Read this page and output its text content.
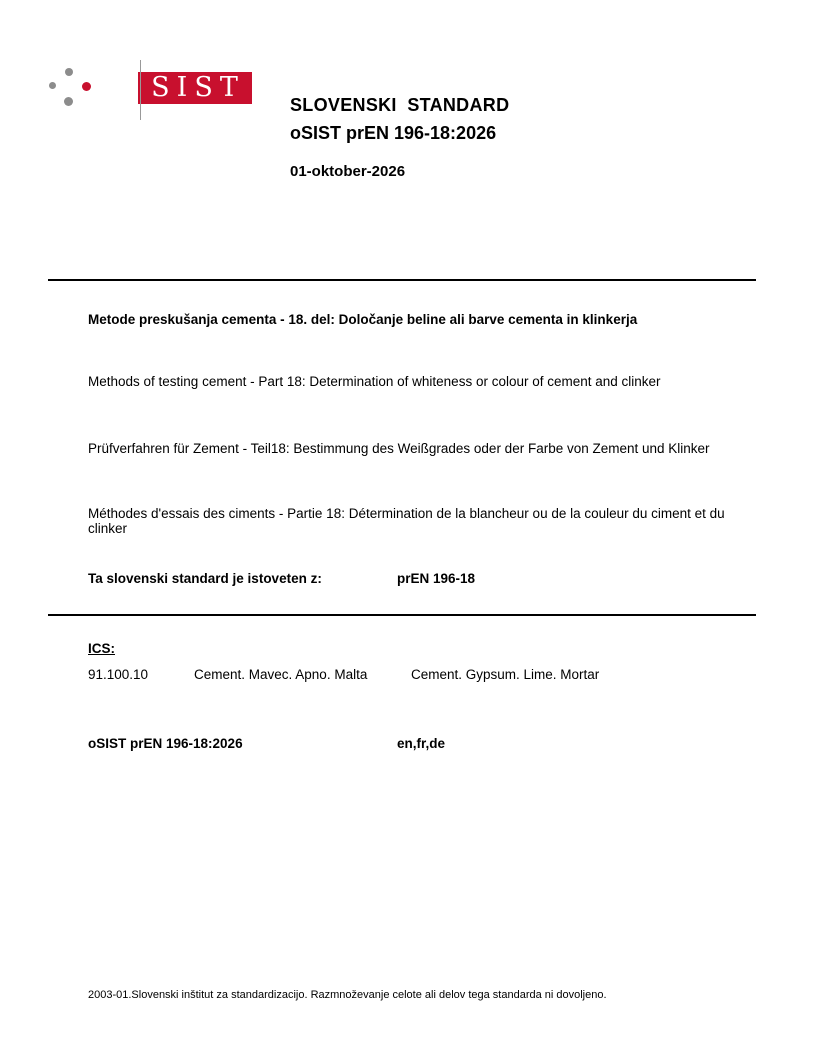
SIST
SLOVENSKI  STANDARD
oSIST prEN 196-18:2026
01-oktober-2026
Metode preskušanja cementa - 18. del: Določanje beline ali barve cementa in klinkerja
Methods of testing cement - Part 18: Determination of whiteness or colour of cement and clinker
Prüfverfahren für Zement - Teil18: Bestimmung des Weißgrades oder der Farbe von Zement und Klinker
Méthodes d'essais des ciments - Partie 18: Détermination de la blancheur ou de la couleur du ciment et du clinker
Ta slovenski standard je istoveten z:	prEN 196-18
ICS:
91.100.10	Cement. Mavec. Apno. Malta	Cement. Gypsum. Lime. Mortar
oSIST prEN 196-18:2026	en,fr,de
2003-01.Slovenski inštitut za standardizacijo. Razmnoževanje celote ali delov tega standarda ni dovoljeno.
